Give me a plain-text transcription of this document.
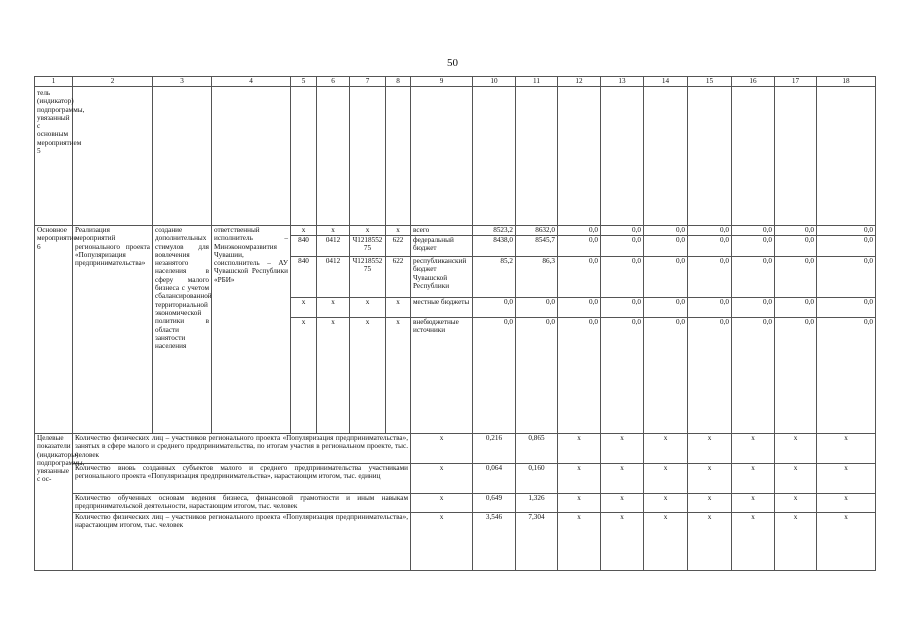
50
1	2	3	4	5	6	7	8	9	10	11	12	13	14	15	16	17	18
тель (индикатор) подпрограммы, увязанный с основным мероприятием 5																	
Основное мероприятие 6	Реализация мероприятий регионального проекта «Популяризация предпринимательства»	создание дополнительных стимулов для вовлечения незанятого населения в сферу малого бизнеса с учетом сбалансированной территориальной экономической политики в области занятости населения	ответственный исполнитель – Минэкономразвития Чувашии, соисполнитель – АУ Чувашской Республики «РБИ»	x	x	x	x	всего	8523,2	8632,0	0,0	0,0	0,0	0,0	0,0	0,0	0,0
				840	0412	Ч1218552 75	622	федеральный бюджет	8438,0	8545,7	0,0	0,0	0,0	0,0	0,0	0,0	0,0
				840	0412	Ч1218552 75	622	республиканский бюджет Чувашской Республики	85,2	86,3	0,0	0,0	0,0	0,0	0,0	0,0	0,0
				x	x	x	x	местные бюджеты	0,0	0,0	0,0	0,0	0,0	0,0	0,0	0,0	0,0
				x	x	x	x	внебюджетные источники	0,0	0,0	0,0	0,0	0,0	0,0	0,0	0,0	0,0
Целевые показатели (индикаторы) подпрограммы, увязанные с ос-	Количество физических лиц – участников регионального проекта «Популяризация предпринимательства», занятых в сфере малого и среднего предпринимательства, по итогам участия в региональном проекте, тыс. человек							x	0,216	0,865	x	x	x	x	x	x	x
	Количество вновь созданных субъектов малого и среднего предпринимательства участниками регионального проекта «Популяризация предпринимательства», нарастающим итогом, тыс. единиц							x	0,064	0,160	x	x	x	x	x	x	x
	Количество обученных основам ведения бизнеса, финансовой грамотности и иным навыкам предпринимательской деятельности, нарастающим итогом, тыс. человек							x	0,649	1,326	x	x	x	x	x	x	x
	Количество физических лиц – участников регионального проекта «Популяризация предпринимательства», нарастающим итогом, тыс. человек							x	3,546	7,304	x	x	x	x	x	x	x
